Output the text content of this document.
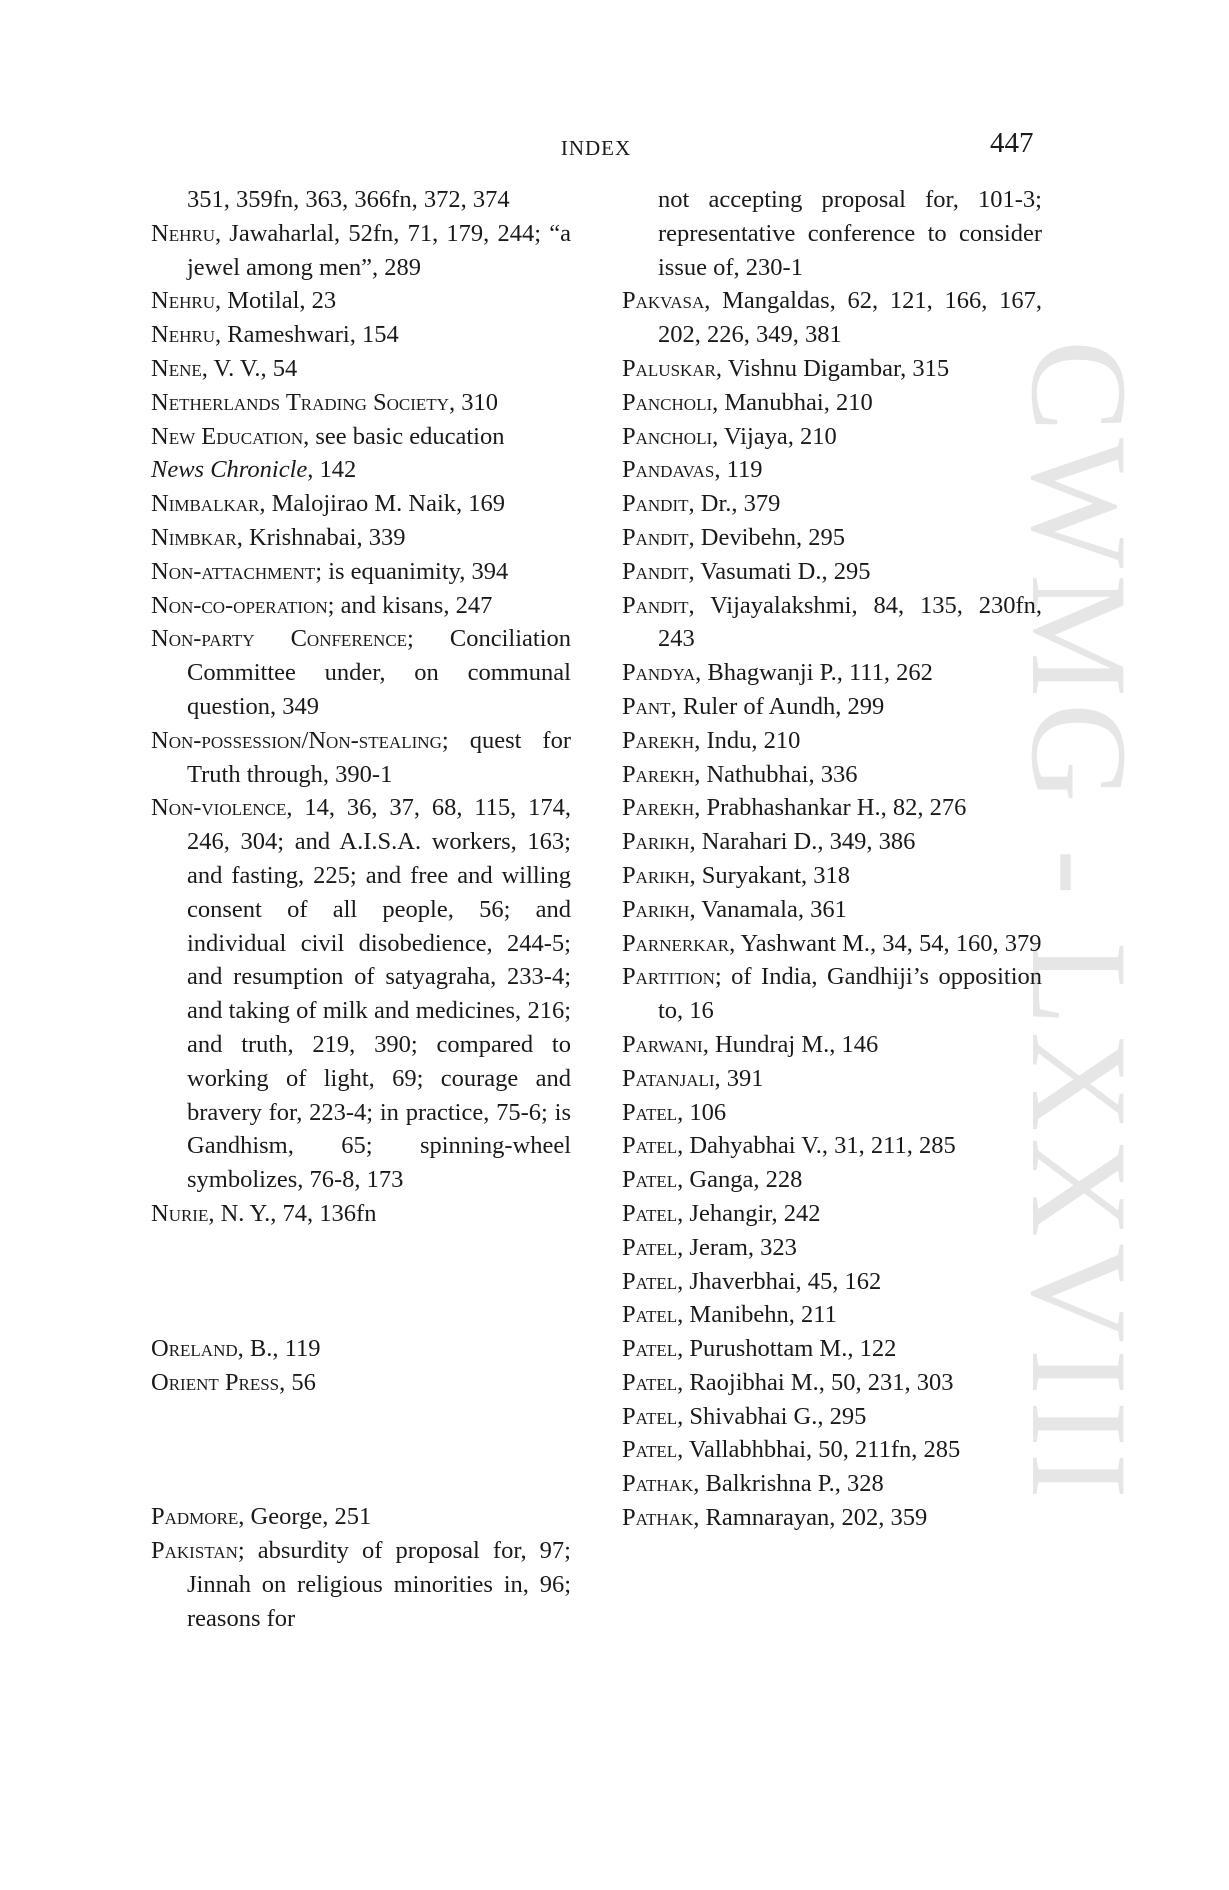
INDEX	447
CWMG - LXXVIII

351, 359fn, 363, 366fn, 372, 374

Nehru, Jawaharlal, 52fn, 71, 179, 244; “a jewel among men”, 289

Nehru, Motilal, 23

Nehru, Rameshwari, 154

Nene, V. V., 54

Netherlands Trading Society, 310

New Education, see basic education

News Chronicle, 142

Nimbalkar, Malojirao M. Naik, 169

Nimbkar, Krishnabai, 339

Non-attachment; is equanimity, 394

Non-co-operation; and kisans, 247

Non-party Conference; Conciliation Committee under, on communal question, 349

Non-possession/Non-stealing; quest for Truth through, 390-1

Non-violence, 14, 36, 37, 68, 115, 174, 246, 304; and A.I.S.A. workers, 163; and fasting, 225; and free and willing consent of all people, 56; and individual civil disobedience, 244-5; and resumption of satyagraha, 233-4; and taking of milk and medicines, 216; and truth, 219, 390; compared to working of light, 69; courage and bravery for, 223-4; in practice, 75-6; is Gandhism, 65; spinning-wheel symbolizes, 76-8, 173

Nurie, N. Y., 74, 136fn

Oreland, B., 119

Orient Press, 56

Padmore, George, 251

Pakistan; absurdity of proposal for, 97; Jinnah on religious minorities in, 96; reasons for

not accepting proposal for, 101-3; representative conference to consider issue of, 230-1

Pakvasa, Mangaldas, 62, 121, 166, 167, 202, 226, 349, 381

Paluskar, Vishnu Digambar, 315

Pancholi, Manubhai, 210

Pancholi, Vijaya, 210

Pandavas, 119

Pandit, Dr., 379

Pandit, Devibehn, 295

Pandit, Vasumati D., 295

Pandit, Vijayalakshmi, 84, 135, 230fn, 243

Pandya, Bhagwanji P., 111, 262

Pant, Ruler of Aundh, 299

Parekh, Indu, 210

Parekh, Nathubhai, 336

Parekh, Prabhashankar H., 82, 276

Parikh, Narahari D., 349, 386

Parikh, Suryakant, 318

Parikh, Vanamala, 361

Parnerkar, Yashwant M., 34, 54, 160, 379

Partition; of India, Gandhiji’s opposition to, 16

Parwani, Hundraj M., 146

Patanjali, 391

Patel, 106

Patel, Dahyabhai V., 31, 211, 285

Patel, Ganga, 228

Patel, Jehangir, 242

Patel, Jeram, 323

Patel, Jhaverbhai, 45, 162

Patel, Manibehn, 211

Patel, Purushottam M., 122

Patel, Raojibhai M., 50, 231, 303

Patel, Shivabhai G., 295

Patel, Vallabhbhai, 50, 211fn, 285

Pathak, Balkrishna P., 328

Pathak, Ramnarayan, 202, 359
